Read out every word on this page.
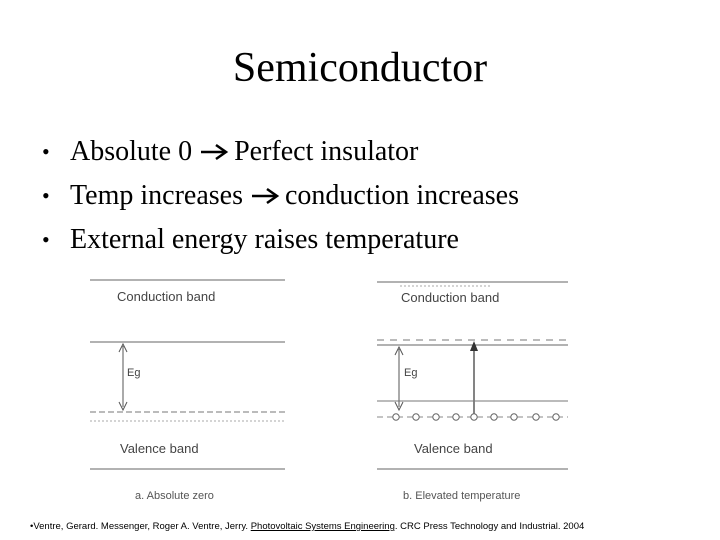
Semiconductor
• Absolute 0 Perfect insulator
• Temp increases conduction increases
• External energy raises temperature
Conduction band
Eg
Valence band
a. Absolute zero
Conduction band
Eg
Valence band
b. Elevated temperature
•Ventre, Gerard. Messenger, Roger A. Ventre, Jerry. Photovoltaic Systems Engineering. CRC Press Technology and Industrial. 2004
